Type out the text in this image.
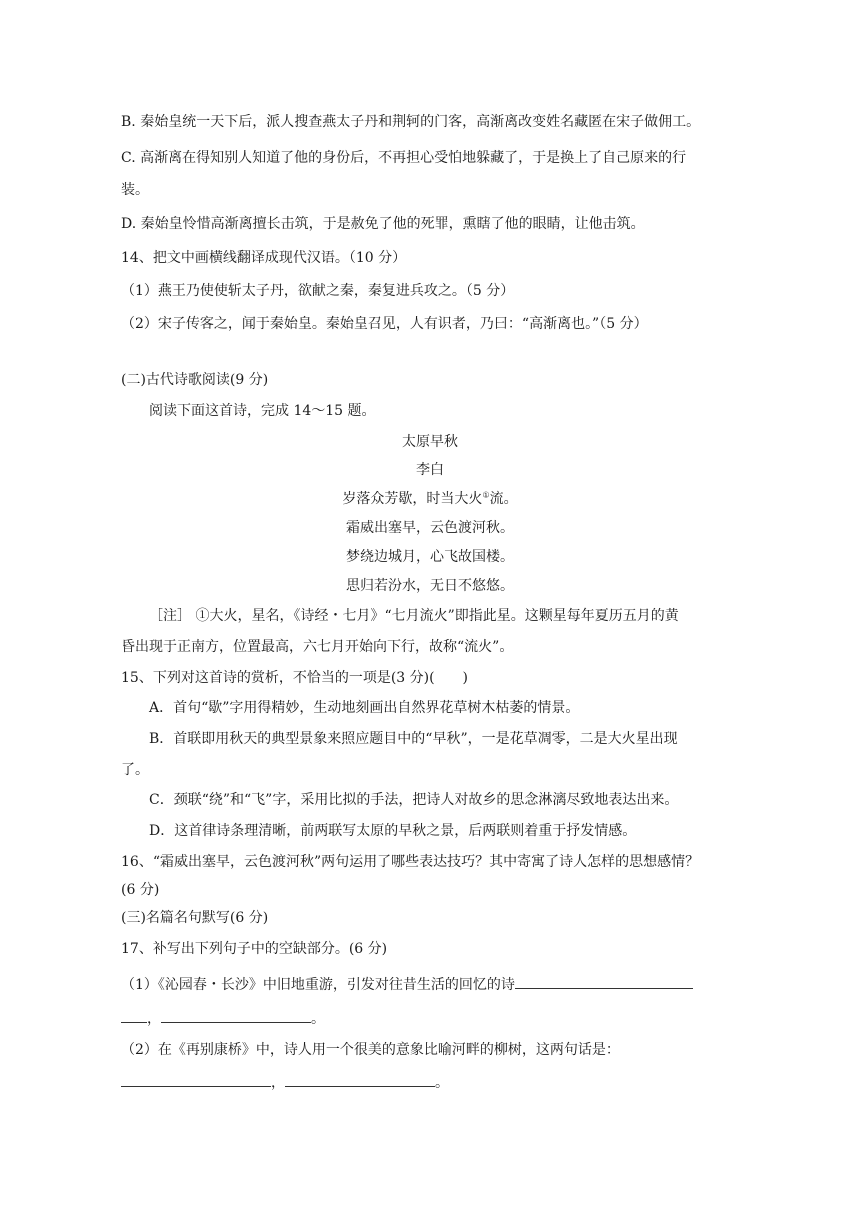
B. 秦始皇统一天下后，派人搜查燕太子丹和荆轲的门客，高渐离改变姓名藏匿在宋子做佣工。
C. 高渐离在得知别人知道了他的身份后，不再担心受怕地躲藏了，于是换上了自己原来的行
装。
D. 秦始皇怜惜高渐离擅长击筑，于是赦免了他的死罪，熏瞎了他的眼睛，让他击筑。
14、把文中画横线翻译成现代汉语。（10 分）
（1）燕王乃使使斩太子丹，欲献之秦，秦复进兵攻之。（5 分）
（2）宋子传客之，闻于秦始皇。秦始皇召见，人有识者，乃曰：“高渐离也。”（5 分）
(二)古代诗歌阅读(9 分)
阅读下面这首诗，完成 14～15 题。
太原早秋
李白
岁落众芳歇，时当大火①流。
霜威出塞早，云色渡河秋。
梦绕边城月，心飞故国楼。
思归若汾水，无日不悠悠。
［注］ ①大火，星名，《诗经・七月》“七月流火”即指此星。这颗星每年夏历五月的黄
昏出现于正南方，位置最高，六七月开始向下行，故称“流火”。
15、下列对这首诗的赏析，不恰当的一项是(3 分)(　　)
A．首句“歇”字用得精妙，生动地刻画出自然界花草树木枯萎的情景。
B．首联即用秋天的典型景象来照应题目中的“早秋”，一是花草凋零，二是大火星出现
了。
C．颈联“绕”和“飞”字，采用比拟的手法，把诗人对故乡的思念淋漓尽致地表达出来。
D．这首律诗条理清晰，前两联写太原的早秋之景，后两联则着重于抒发情感。
16、“霜威出塞早，云色渡河秋”两句运用了哪些表达技巧？其中寄寓了诗人怎样的思想感情？
(6 分)
(三)名篇名句默写(6 分)
17、补写出下列句子中的空缺部分。(6 分)
（1）《沁园春・长沙》中旧地重游，引发对往昔生活的回忆的诗
，	。
（2）在《再别康桥》中，诗人用一个很美的意象比喻河畔的柳树，这两句话是：
，	。
